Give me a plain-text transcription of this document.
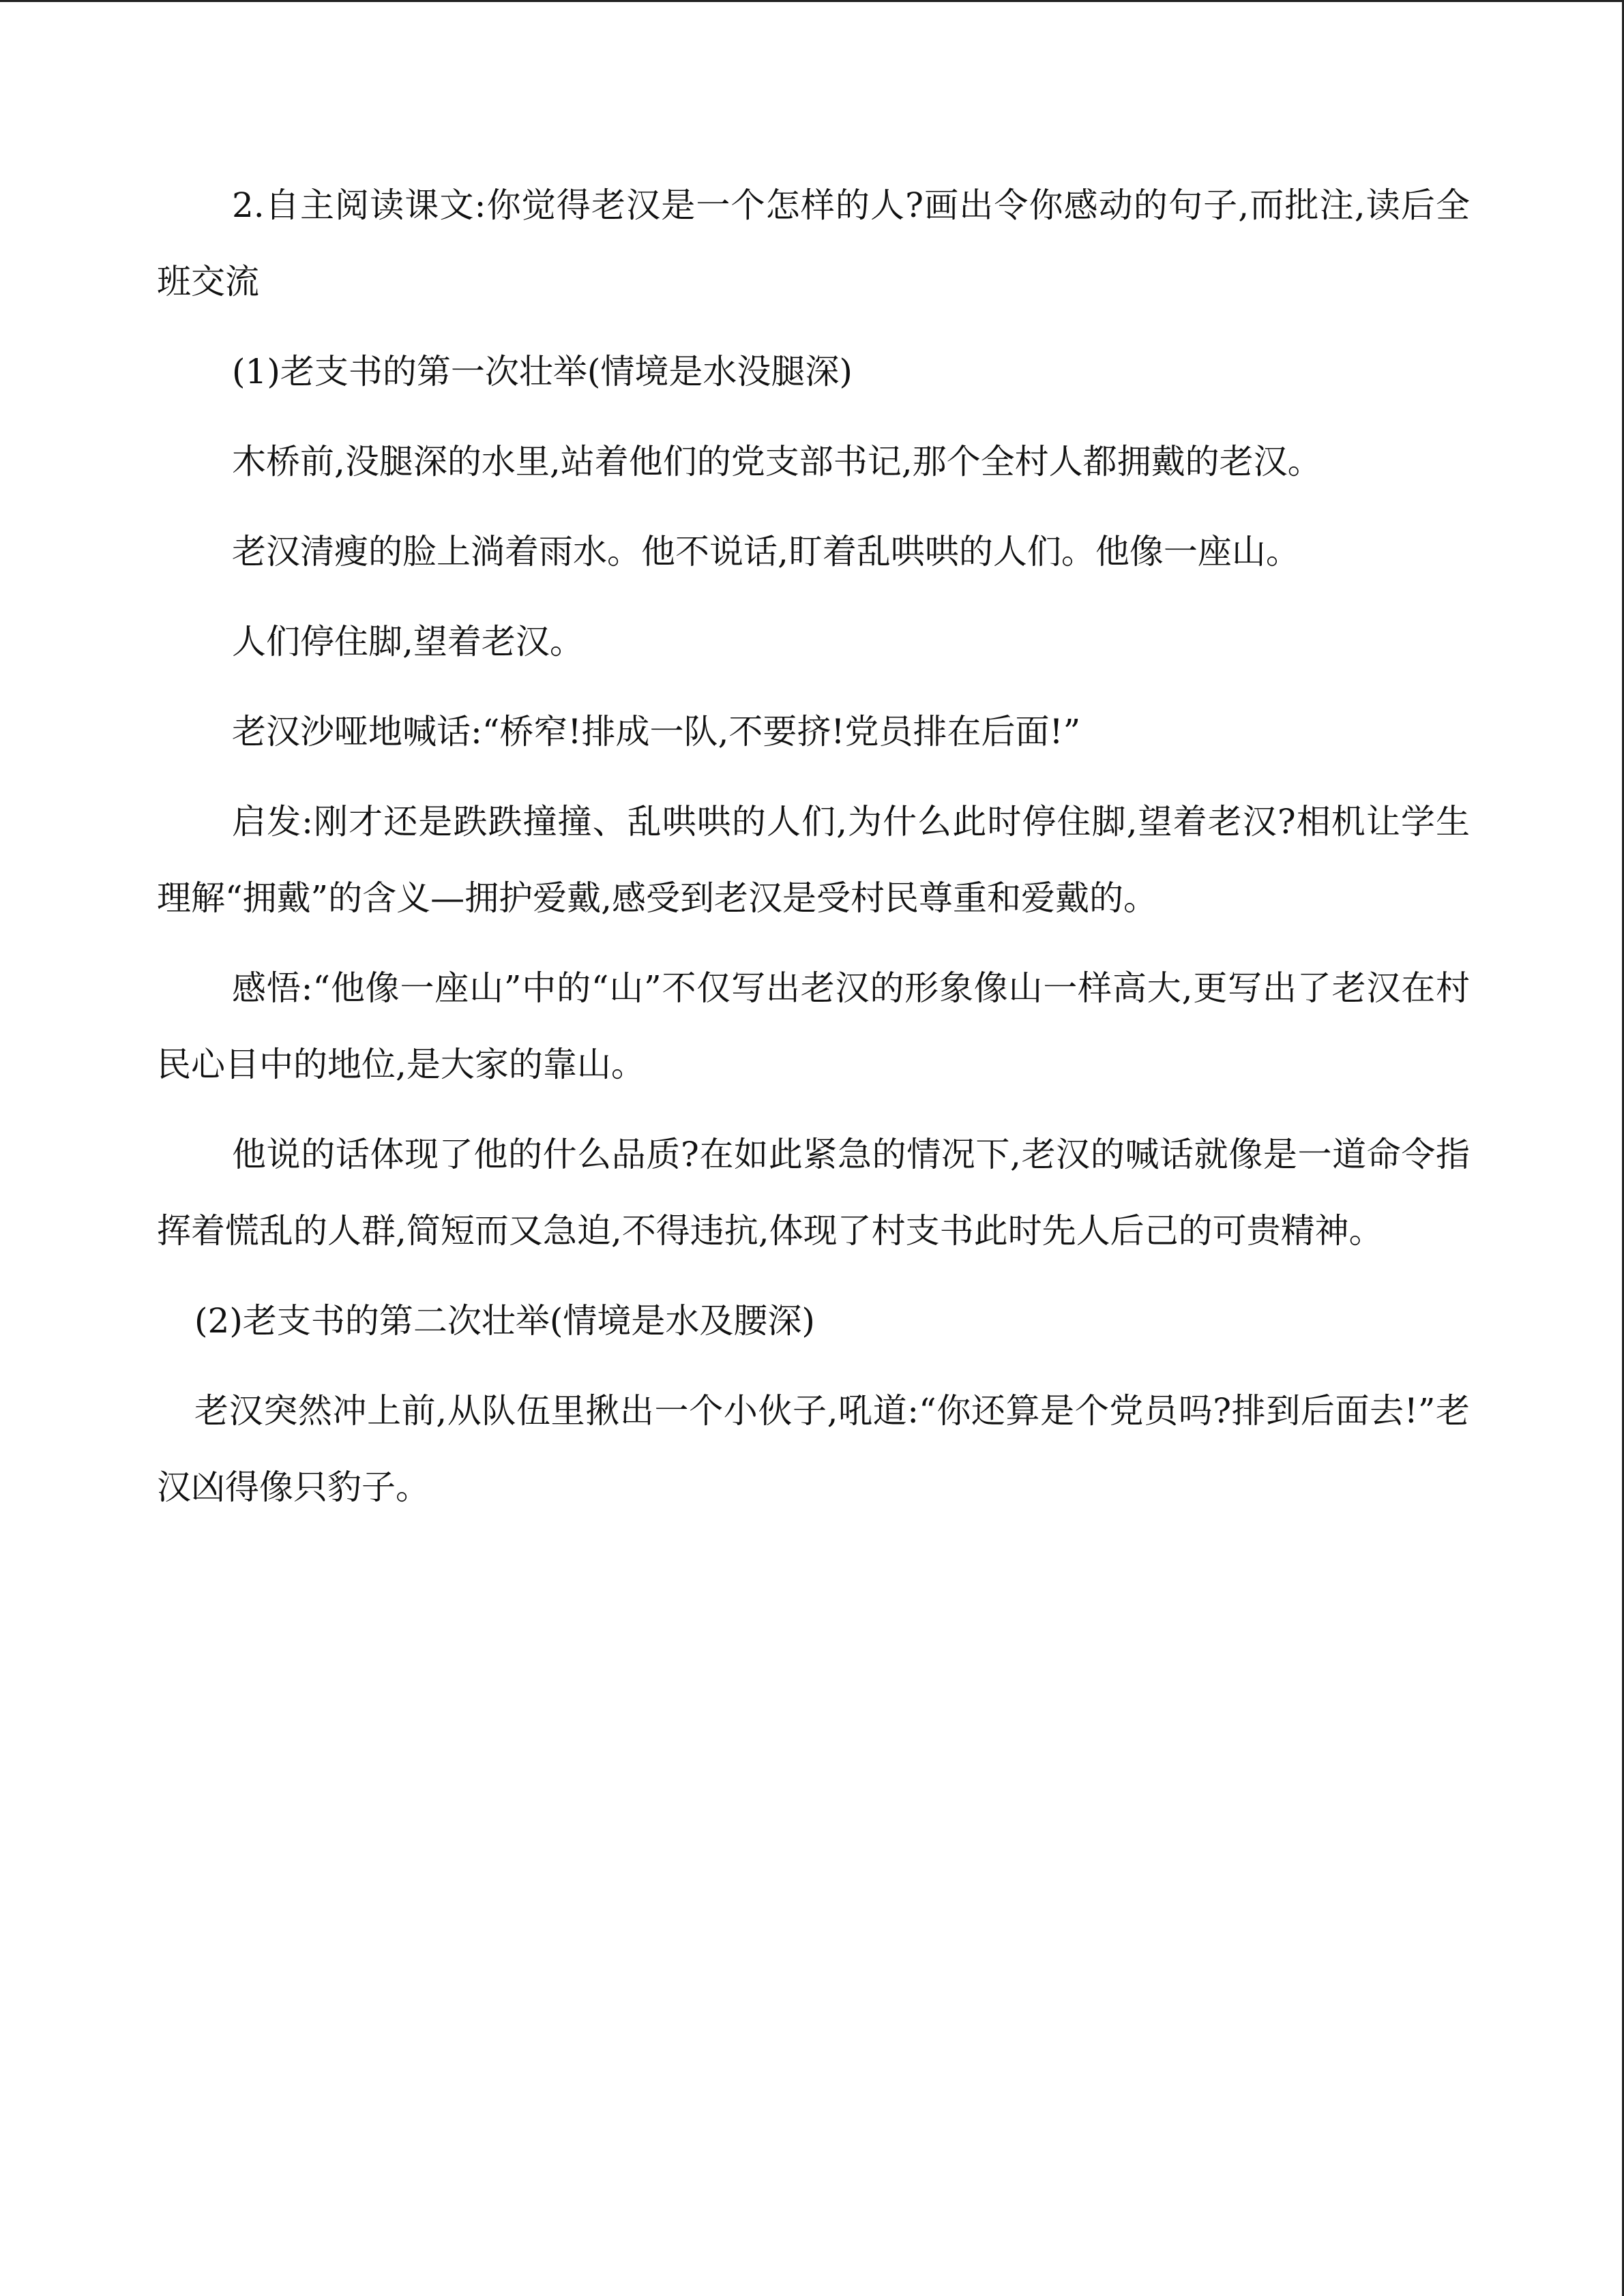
2.自主阅读课文:你觉得老汉是一个怎样的人?画出令你感动的句子,而批注,读后全班交流

(1)老支书的第一次壮举(情境是水没腿深)

木桥前,没腿深的水里,站着他们的党支部书记,那个全村人都拥戴的老汉。

老汉清瘦的脸上淌着雨水。他不说话,盯着乱哄哄的人们。他像一座山。

人们停住脚,望着老汉。

老汉沙哑地喊话:“桥窄!排成一队,不要挤!党员排在后面!”

启发:刚才还是跌跌撞撞、乱哄哄的人们,为什么此时停住脚,望着老汉?相机让学生理解“拥戴”的含义—拥护爱戴,感受到老汉是受村民尊重和爱戴的。

感悟:“他像一座山”中的“山”不仅写出老汉的形象像山一样高大,更写出了老汉在村民心目中的地位,是大家的靠山。

他说的话体现了他的什么品质?在如此紧急的情况下,老汉的喊话就像是一道命令指挥着慌乱的人群,简短而又急迫,不得违抗,体现了村支书此时先人后己的可贵精神。

(2)老支书的第二次壮举(情境是水及腰深)

老汉突然冲上前,从队伍里揪出一个小伙子,吼道:“你还算是个党员吗?排到后面去!”老汉凶得像只豹子。
